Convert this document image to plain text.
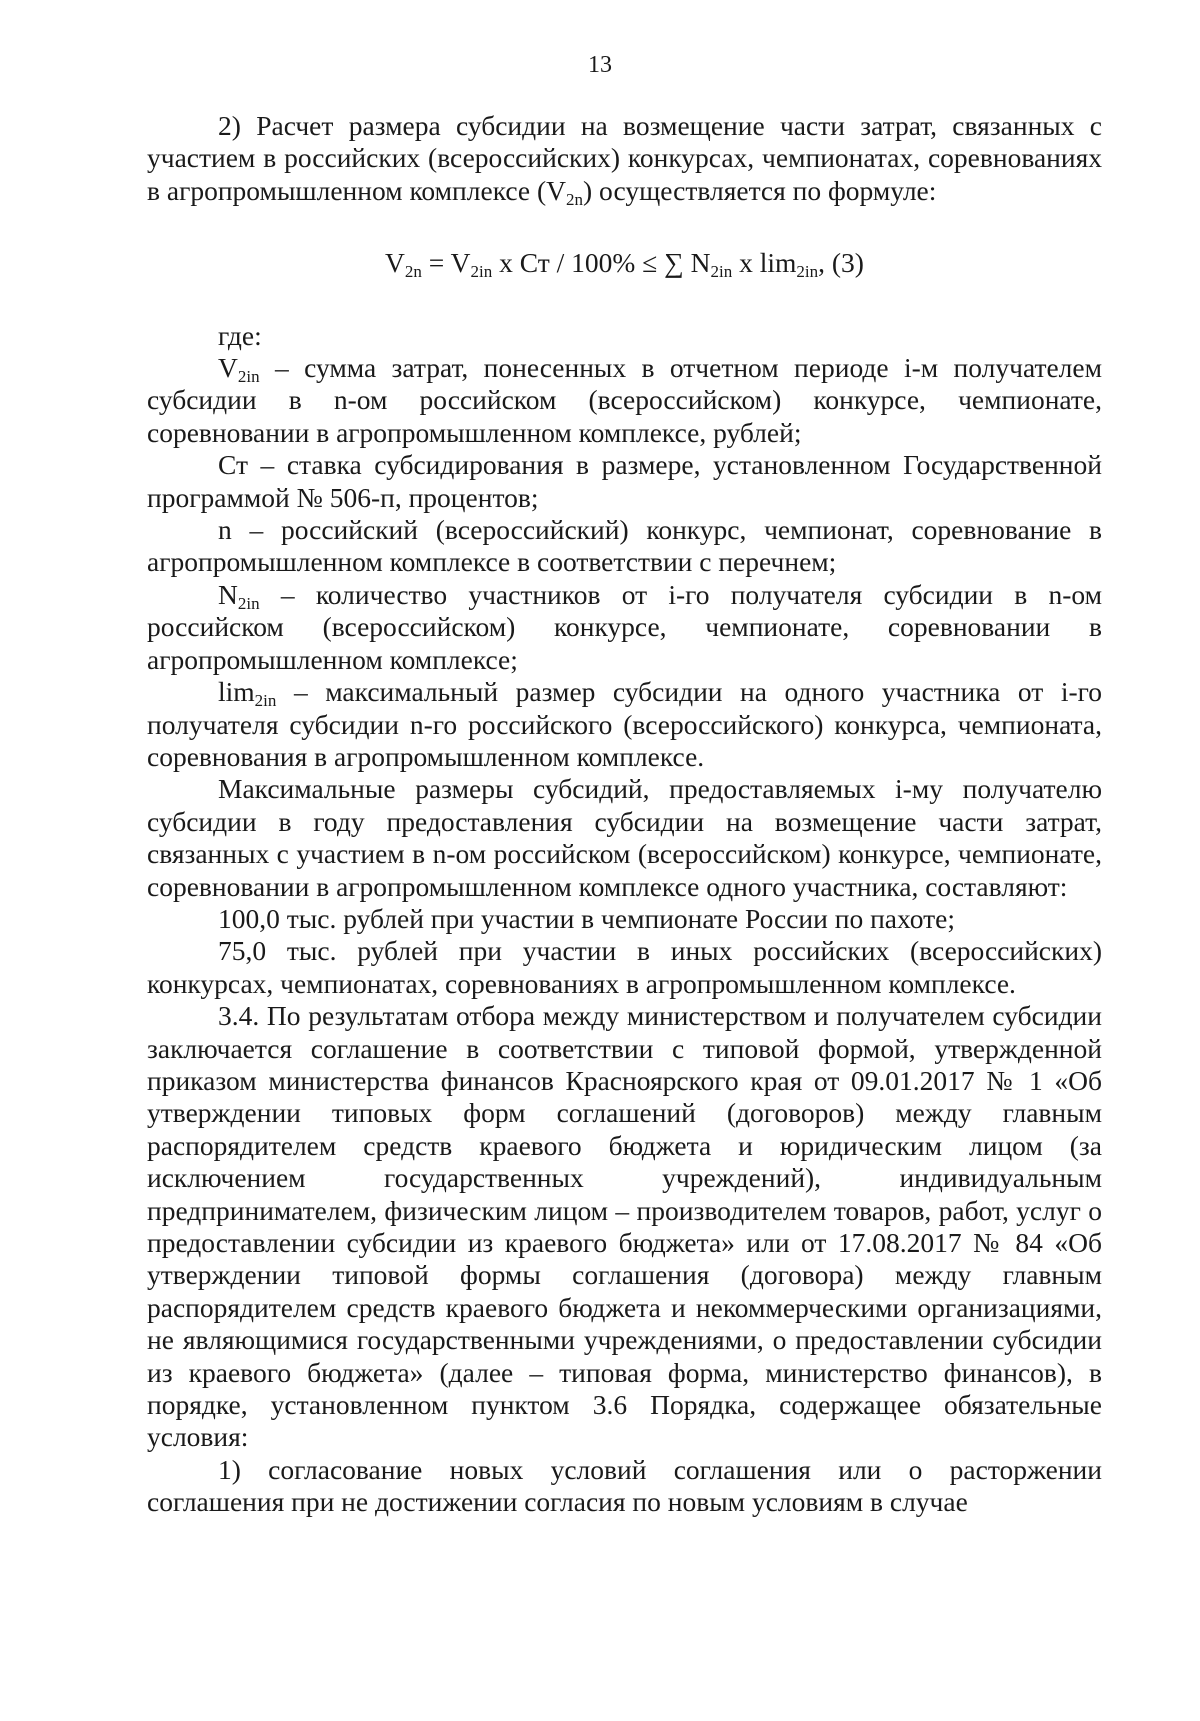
13

2) Расчет размера субсидии на возмещение части затрат, связанных с участием в российских (всероссийских) конкурсах, чемпионатах, соревнованиях в агропромышленном комплексе $(V_{2n})$ осуществляется по формуле:

$V_{2n} = V_{2in}$ х Ст / 100% ≤ ∑ $N_{2in}$ х $\lim_{2in}$, (3)

где:

$V_{2in}$ – сумма затрат, понесенных в отчетном периоде i-м получателем субсидии в n-ом российском (всероссийском) конкурсе, чемпионате, соревновании в агропромышленном комплексе, рублей;

Ст – ставка субсидирования в размере, установленном Государственной программой № 506-п, процентов;

n – российский (всероссийский) конкурс, чемпионат, соревнование в агропромышленном комплексе в соответствии с перечнем;

$N_{2in}$ – количество участников от i-го получателя субсидии в n-ом российском (всероссийском) конкурсе, чемпионате, соревновании в агропромышленном комплексе;

$\lim_{2in}$ – максимальный размер субсидии на одного участника от i-го получателя субсидии n-го российского (всероссийского) конкурса, чемпионата, соревнования в агропромышленном комплексе.

Максимальные размеры субсидий, предоставляемых i-му получателю субсидии в году предоставления субсидии на возмещение части затрат, связанных с участием в n-ом российском (всероссийском) конкурсе, чемпионате, соревновании в агропромышленном комплексе одного участника, составляют:

100,0 тыс. рублей при участии в чемпионате России по пахоте;

75,0 тыс. рублей при участии в иных российских (всероссийских) конкурсах, чемпионатах, соревнованиях в агропромышленном комплексе.

3.4. По результатам отбора между министерством и получателем субсидии заключается соглашение в соответствии с типовой формой, утвержденной приказом министерства финансов Красноярского края от 09.01.2017 № 1 «Об утверждении типовых форм соглашений (договоров) между главным распорядителем средств краевого бюджета и юридическим лицом (за исключением государственных учреждений), индивидуальным предпринимателем, физическим лицом – производителем товаров, работ, услуг о предоставлении субсидии из краевого бюджета» или от 17.08.2017 № 84 «Об утверждении типовой формы соглашения (договора) между главным распорядителем средств краевого бюджета и некоммерческими организациями, не являющимися государственными учреждениями, о предоставлении субсидии из краевого бюджета» (далее – типовая форма, министерство финансов), в порядке, установленном пунктом 3.6 Порядка, содержащее обязательные условия:

1) согласование новых условий соглашения или о расторжении соглашения при не достижении согласия по новым условиям в случае
